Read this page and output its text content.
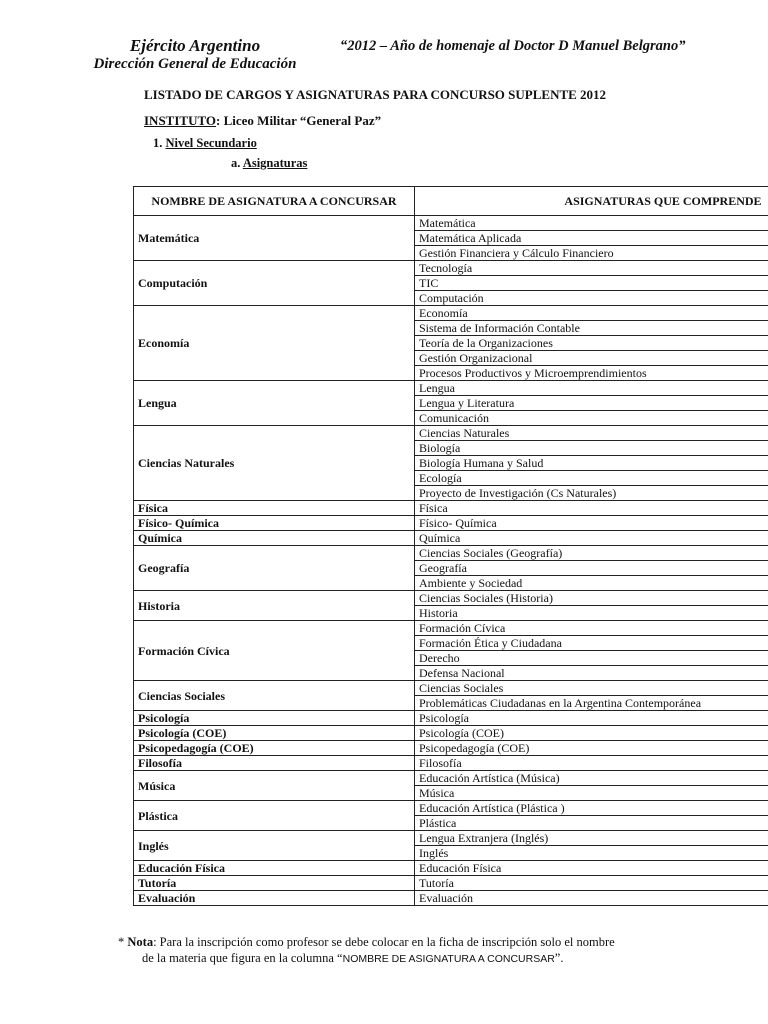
Ejército Argentino
Dirección General de Educación
“2012 – Año de homenaje al Doctor D Manuel Belgrano”
LISTADO DE CARGOS Y ASIGNATURAS PARA CONCURSO SUPLENTE 2012
INSTITUTO: Liceo Militar “General Paz”
1. Nivel Secundario
a. Asignaturas
NOMBRE DE ASIGNATURA A CONCURSAR	ASIGNATURAS QUE COMPRENDE
Matemática	Matemática
	Matemática Aplicada
	Gestión Financiera y Cálculo Financiero
Computación	Tecnología
	TIC
	Computación
Economía	Economía
	Sistema de Información Contable
	Teoría de la Organizaciones
	Gestión Organizacional
	Procesos Productivos y Microemprendimientos
Lengua	Lengua
	Lengua y Literatura
	Comunicación
Ciencias Naturales	Ciencias Naturales
	Biología
	Biología Humana y Salud
	Ecología
	Proyecto de Investigación (Cs Naturales)
Física	Física
Físico- Química	Físico- Química
Química	Química
Geografía	Ciencias Sociales (Geografía)
	Geografía
	Ambiente y Sociedad
Historia	Ciencias Sociales (Historia)
	Historia
Formación Cívica	Formación Cívica
	Formación Ética y Ciudadana
	Derecho
	Defensa Nacional
Ciencias Sociales	Ciencias Sociales
	Problemáticas Ciudadanas en la Argentina Contemporánea
Psicología	Psicología
Psicología (COE)	Psicología (COE)
Psicopedagogía (COE)	Psicopedagogía (COE)
Filosofía	Filosofía
Música	Educación Artística (Música)
	Música
Plástica	Educación Artística (Plástica )
	Plástica
Inglés	Lengua Extranjera (Inglés)
	Inglés
Educación Física	Educación Física
Tutoría	Tutoría
Evaluación	Evaluación
* Nota: Para la inscripción como profesor se debe colocar en la ficha de inscripción solo el nombre
de la materia que figura en la columna “NOMBRE DE ASIGNATURA A CONCURSAR”.
